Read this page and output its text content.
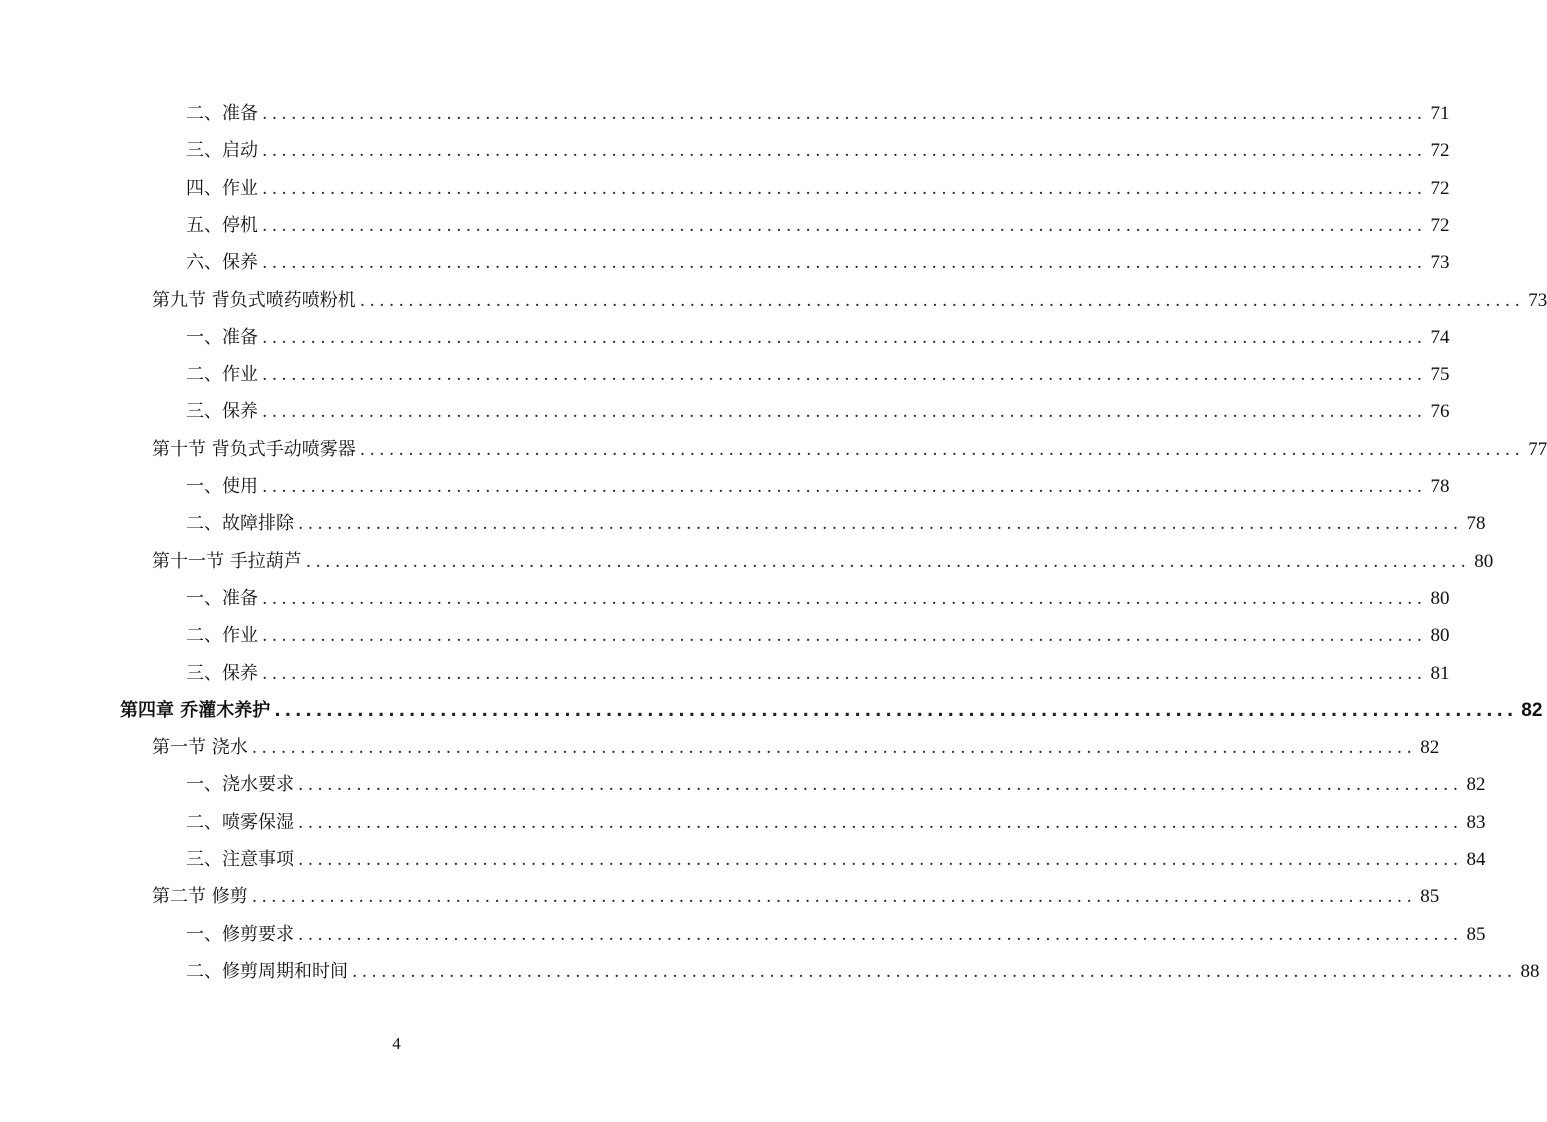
二、准备 ........................................................................................................................ 71
三、启动 ........................................................................................................................ 72
四、作业 ........................................................................................................................ 72
五、停机 ........................................................................................................................ 72
六、保养 ........................................................................................................................ 73
第九节 背负式喷药喷粉机 ........................................................................................................................ 73
一、准备 ........................................................................................................................ 74
二、作业 ........................................................................................................................ 75
三、保养 ........................................................................................................................ 76
第十节 背负式手动喷雾器 ........................................................................................................................ 77
一、使用 ........................................................................................................................ 78
二、故障排除 ........................................................................................................................ 78
第十一节 手拉葫芦 ........................................................................................................................ 80
一、准备 ........................................................................................................................ 80
二、作业 ........................................................................................................................ 80
三、保养 ........................................................................................................................ 81
第四章 乔灌木养护 ........................................................................................................................ 82
第一节 浇水 ........................................................................................................................ 82
一、浇水要求 ........................................................................................................................ 82
二、喷雾保湿 ........................................................................................................................ 83
三、注意事项 ........................................................................................................................ 84
第二节 修剪 ........................................................................................................................ 85
一、修剪要求 ........................................................................................................................ 85
二、修剪周期和时间 ........................................................................................................................ 88
4
